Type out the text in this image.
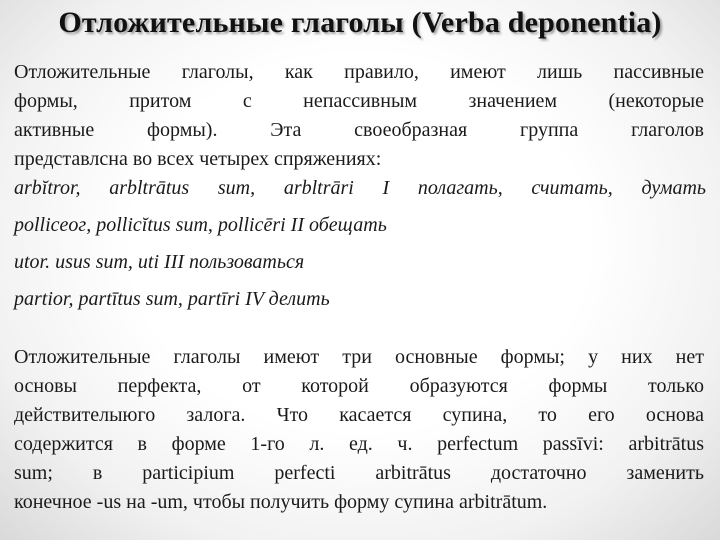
Отложительные глаголы (Verba deponentia)
Отложительные глаголы, как правило, имеют лишь пассивные
формы, притом с непассивным значением (некоторые
активные формы). Эта своеобразная группа глаголов
представлсна во всех четырех спряжениях:
arbĭtror, arbltrātus sum, arbltrāri I полагать, считать, думать
polliceoг, pollicĭtus sum, pollicēri II обещать
utor. usus sum, uti III пользоваться
partior, partītus sum, partīri IV делить
Отложительные глаголы имеют три основные формы; у них нет
основы перфекта, от которой образуются формы только
действителыюго залога. Что касается супина, то его основа
содержится в форме 1-го л. ед. ч. perfectum passīvi: arbitrātus
sum; в participium perfecti arbitrātus достаточно заменить
конечное -us на -um, чтобы получить форму супина arbitrātum.
